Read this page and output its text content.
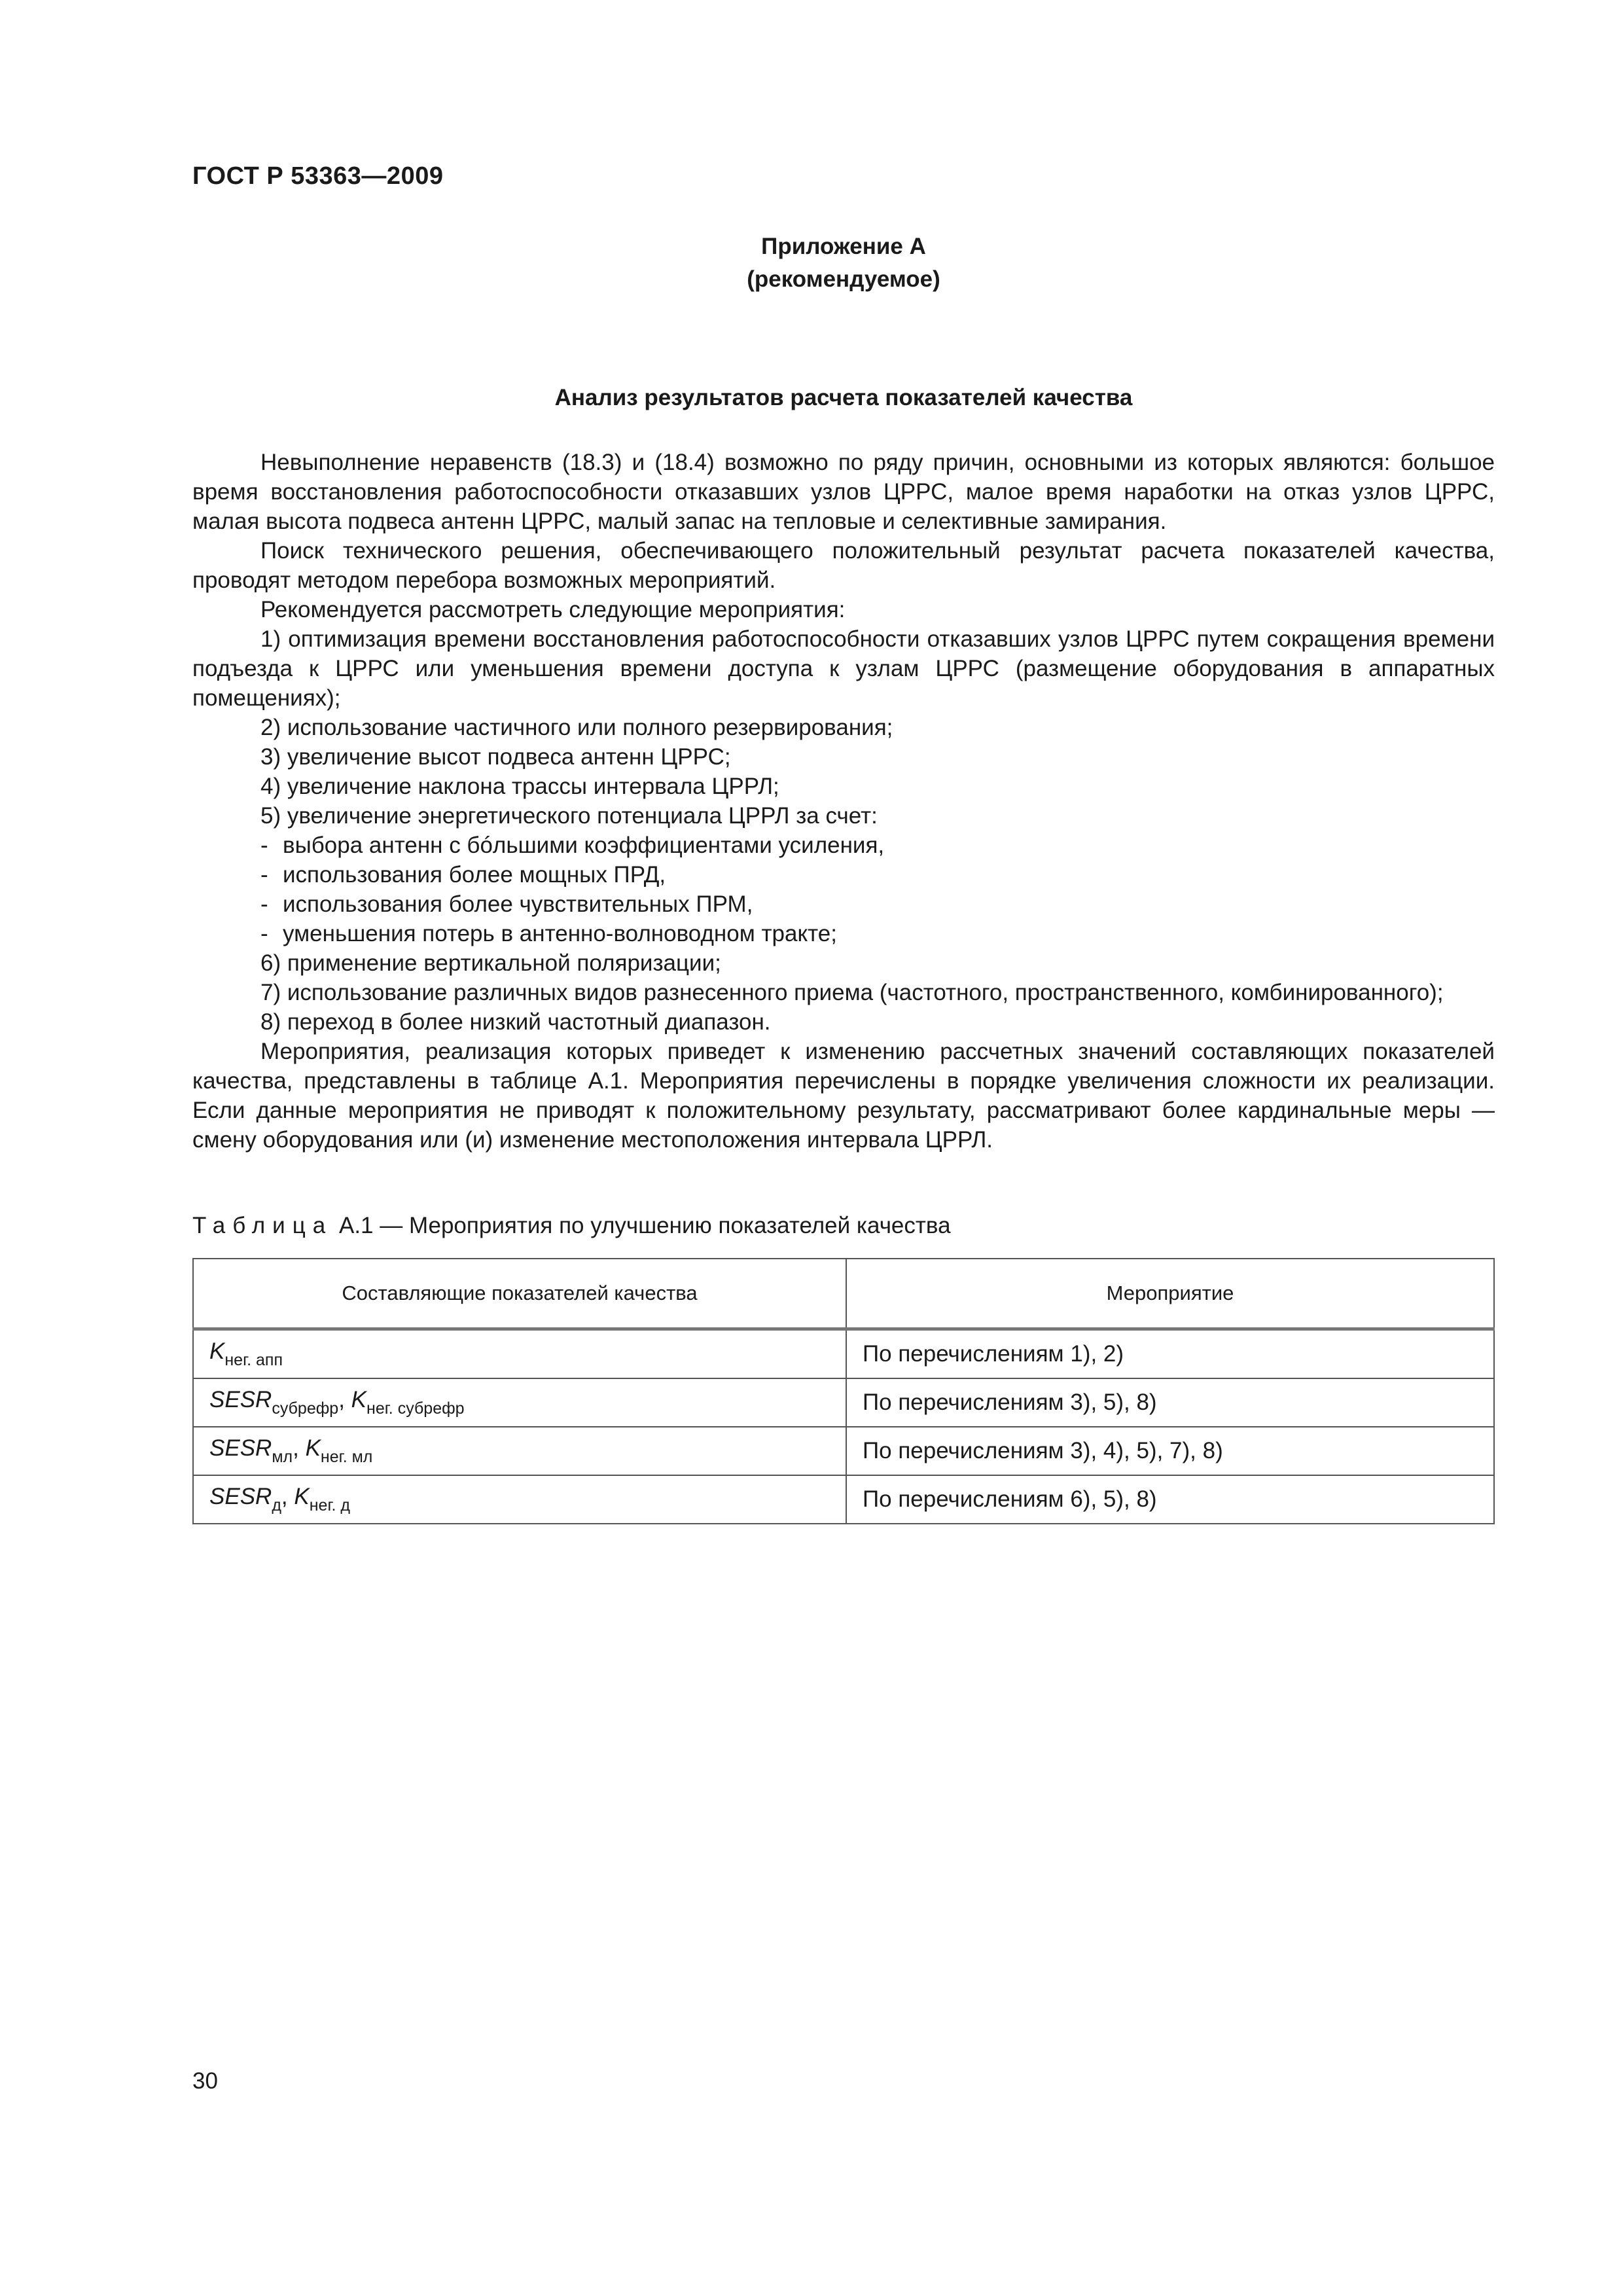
ГОСТ Р 53363—2009
Приложение А
(рекомендуемое)
Анализ результатов расчета показателей качества

Невыполнение неравенств (18.3) и (18.4) возможно по ряду причин, основными из которых являются: большое время восстановления работоспособности отказавших узлов ЦРРС, малое время наработки на отказ узлов ЦРРС, малая высота подвеса антенн ЦРРС, малый запас на тепловые и селективные замирания.

Поиск технического решения, обеспечивающего положительный результат расчета показателей качества, проводят методом перебора возможных мероприятий.

Рекомендуется рассмотреть следующие мероприятия:

1) оптимизация времени восстановления работоспособности отказавших узлов ЦРРС путем сокращения времени подъезда к ЦРРС или уменьшения времени доступа к узлам ЦРРС (размещение оборудования в аппаратных помещениях);

2) использование частичного или полного резервирования;

3) увеличение высот подвеса антенн ЦРРС;

4) увеличение наклона трассы интервала ЦРРЛ;

5) увеличение энергетического потенциала ЦРРЛ за счет:

- выбора антенн с бóльшими коэффициентами усиления,

- использования более мощных ПРД,

- использования более чувствительных ПРМ,

- уменьшения потерь в антенно-волноводном тракте;

6) применение вертикальной поляризации;

7) использование различных видов разнесенного приема (частотного, пространственного, комбинированного);

8) переход в более низкий частотный диапазон.

Мероприятия, реализация которых приведет к изменению рассчетных значений составляющих показателей качества, представлены в таблице А.1. Мероприятия перечислены в порядке увеличения сложности их реализации. Если данные мероприятия не приводят к положительному результату, рассматривают более кардинальные меры — смену оборудования или (и) изменение местоположения интервала ЦРРЛ.

Таблица А.1 — Мероприятия по улучшению показателей качества
Составляющие показателей качества	Мероприятие
$K_{нег. апп}$	По перечислениям 1), 2)
$SESR_{субрефр}$, $K_{нег. субрефр}$	По перечислениям 3), 5), 8)
$SESR_{мл}$, $K_{нег. мл}$	По перечислениям 3), 4), 5), 7), 8)
$SESR_д$, $K_{нег. д}$	По перечислениям 6), 5), 8)
30
